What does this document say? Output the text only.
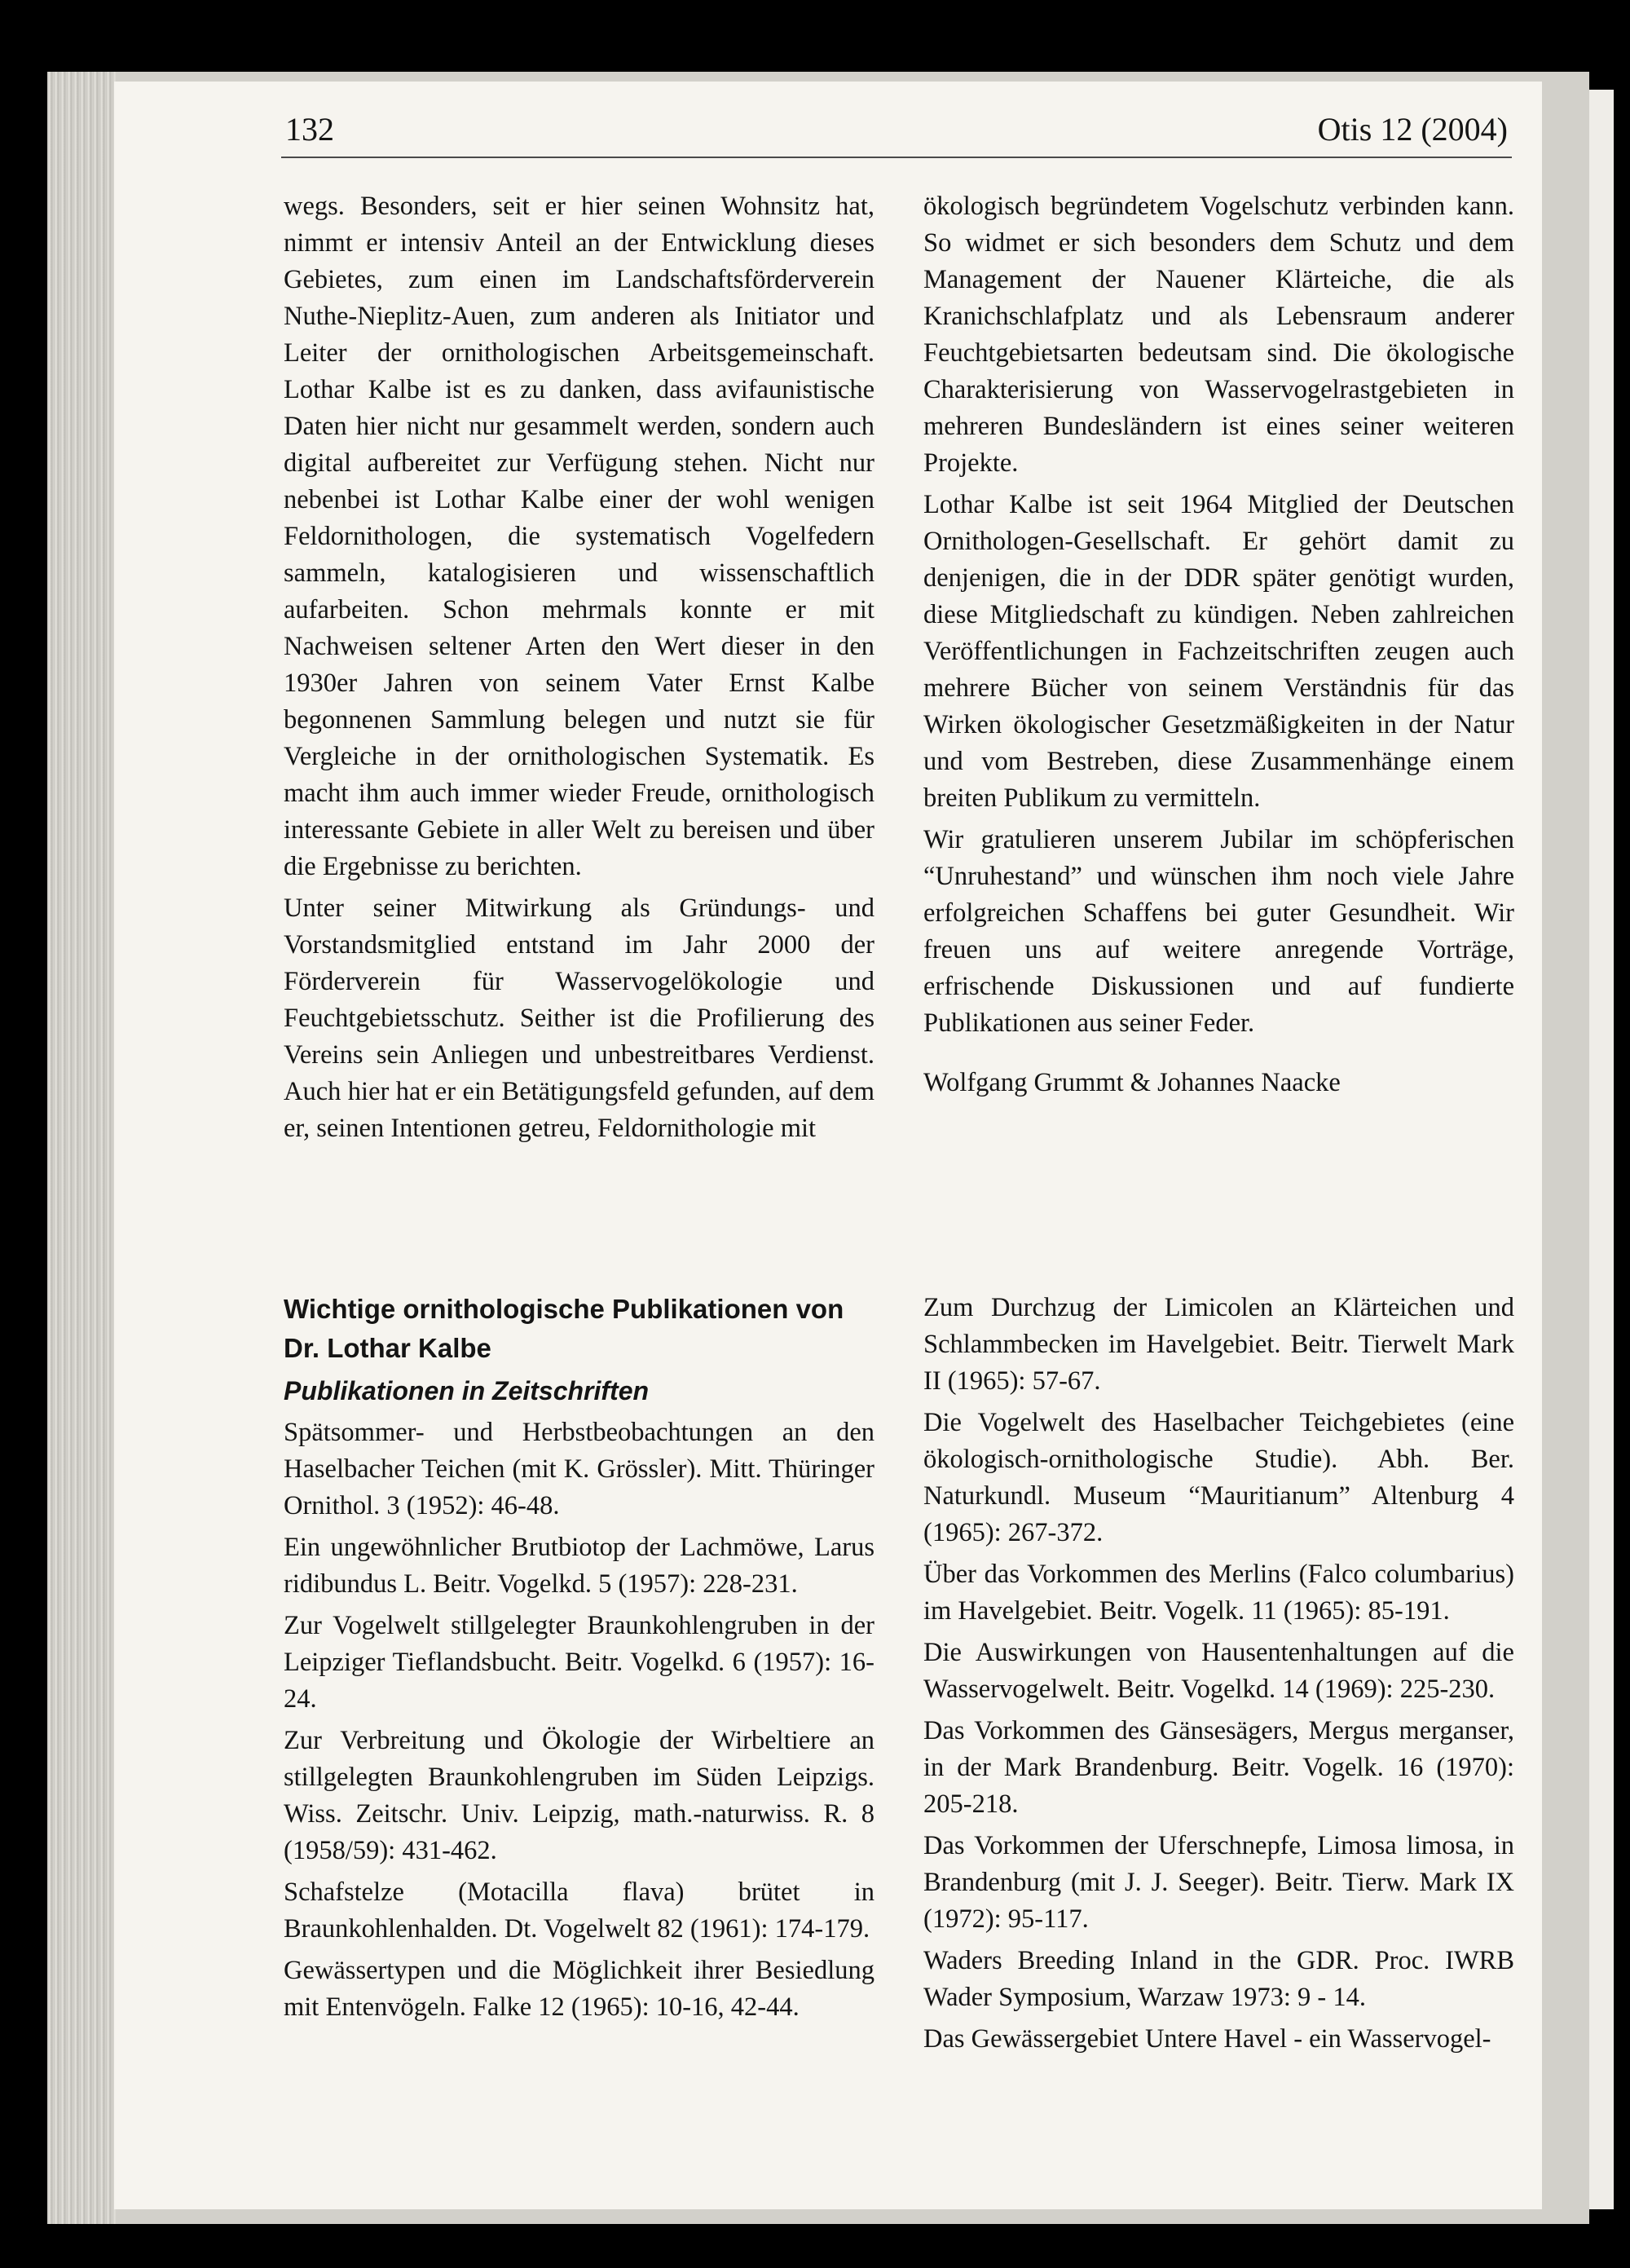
132	Otis 12 (2004)

wegs. Besonders, seit er hier seinen Wohnsitz hat, nimmt er intensiv Anteil an der Entwicklung dieses Gebietes, zum einen im Landschaftsförderverein Nuthe-Nieplitz-Auen, zum anderen als Initiator und Leiter der ornithologischen Arbeitsgemeinschaft. Lothar Kalbe ist es zu danken, dass avifaunistische Daten hier nicht nur gesammelt werden, sondern auch digital aufbereitet zur Verfügung stehen. Nicht nur nebenbei ist Lothar Kalbe einer der wohl wenigen Feldornithologen, die systematisch Vogelfedern sammeln, katalogisieren und wissenschaftlich aufarbeiten. Schon mehrmals konnte er mit Nachweisen seltener Arten den Wert dieser in den 1930er Jahren von seinem Vater Ernst Kalbe begonnenen Sammlung belegen und nutzt sie für Vergleiche in der ornithologischen Systematik. Es macht ihm auch immer wieder Freude, ornithologisch interessante Gebiete in aller Welt zu bereisen und über die Ergebnisse zu berichten.

Unter seiner Mitwirkung als Gründungs- und Vorstandsmitglied entstand im Jahr 2000 der Förderverein für Wasservogelökologie und Feuchtgebietsschutz. Seither ist die Profilierung des Vereins sein Anliegen und unbestreitbares Verdienst. Auch hier hat er ein Betätigungsfeld gefunden, auf dem er, seinen Intentionen getreu, Feldornithologie mit

ökologisch begründetem Vogelschutz verbinden kann. So widmet er sich besonders dem Schutz und dem Management der Nauener Klärteiche, die als Kranichschlafplatz und als Lebensraum anderer Feuchtgebietsarten bedeutsam sind. Die ökologische Charakterisierung von Wasservogelrastgebieten in mehreren Bundesländern ist eines seiner weiteren Projekte.

Lothar Kalbe ist seit 1964 Mitglied der Deutschen Ornithologen-Gesellschaft. Er gehört damit zu denjenigen, die in der DDR später genötigt wurden, diese Mitgliedschaft zu kündigen. Neben zahlreichen Veröffentlichungen in Fachzeitschriften zeugen auch mehrere Bücher von seinem Verständnis für das Wirken ökologischer Gesetzmäßigkeiten in der Natur und vom Bestreben, diese Zusammenhänge einem breiten Publikum zu vermitteln.

Wir gratulieren unserem Jubilar im schöpferischen “Unruhestand” und wünschen ihm noch viele Jahre erfolgreichen Schaffens bei guter Gesundheit. Wir freuen uns auf weitere anregende Vorträge, erfrischende Diskussionen und auf fundierte Publikationen aus seiner Feder.

Wolfgang Grummt & Johannes Naacke

Wichtige ornithologische Publikationen von Dr. Lothar Kalbe

Publikationen in Zeitschriften

Spätsommer- und Herbstbeobachtungen an den Haselbacher Teichen (mit K. Grössler). Mitt. Thüringer Ornithol. 3 (1952): 46-48.

Ein ungewöhnlicher Brutbiotop der Lachmöwe, Larus ridibundus L. Beitr. Vogelkd. 5 (1957): 228-231.

Zur Vogelwelt stillgelegter Braunkohlengruben in der Leipziger Tieflandsbucht. Beitr. Vogelkd. 6 (1957): 16-24.

Zur Verbreitung und Ökologie der Wirbeltiere an stillgelegten Braunkohlengruben im Süden Leipzigs. Wiss. Zeitschr. Univ. Leipzig, math.-naturwiss. R. 8 (1958/59): 431-462.

Schafstelze (Motacilla flava) brütet in Braunkohlenhalden. Dt. Vogelwelt 82 (1961): 174-179.

Gewässertypen und die Möglichkeit ihrer Besiedlung mit Entenvögeln. Falke 12 (1965): 10-16, 42-44.

Zum Durchzug der Limicolen an Klärteichen und Schlammbecken im Havelgebiet. Beitr. Tierwelt Mark II (1965): 57-67.

Die Vogelwelt des Haselbacher Teichgebietes (eine ökologisch-ornithologische Studie). Abh. Ber. Naturkundl. Museum “Mauritianum” Altenburg 4 (1965): 267-372.

Über das Vorkommen des Merlins (Falco columbarius) im Havelgebiet. Beitr. Vogelk. 11 (1965): 85-191.

Die Auswirkungen von Hausentenhaltungen auf die Wasservogelwelt. Beitr. Vogelkd. 14 (1969): 225-230.

Das Vorkommen des Gänsesägers, Mergus merganser, in der Mark Brandenburg. Beitr. Vogelk. 16 (1970): 205-218.

Das Vorkommen der Uferschnepfe, Limosa limosa, in Brandenburg (mit J. J. Seeger). Beitr. Tierw. Mark IX (1972): 95-117.

Waders Breeding Inland in the GDR. Proc. IWRB Wader Symposium, Warzaw 1973: 9 - 14.

Das Gewässergebiet Untere Havel - ein Wasservogel-
